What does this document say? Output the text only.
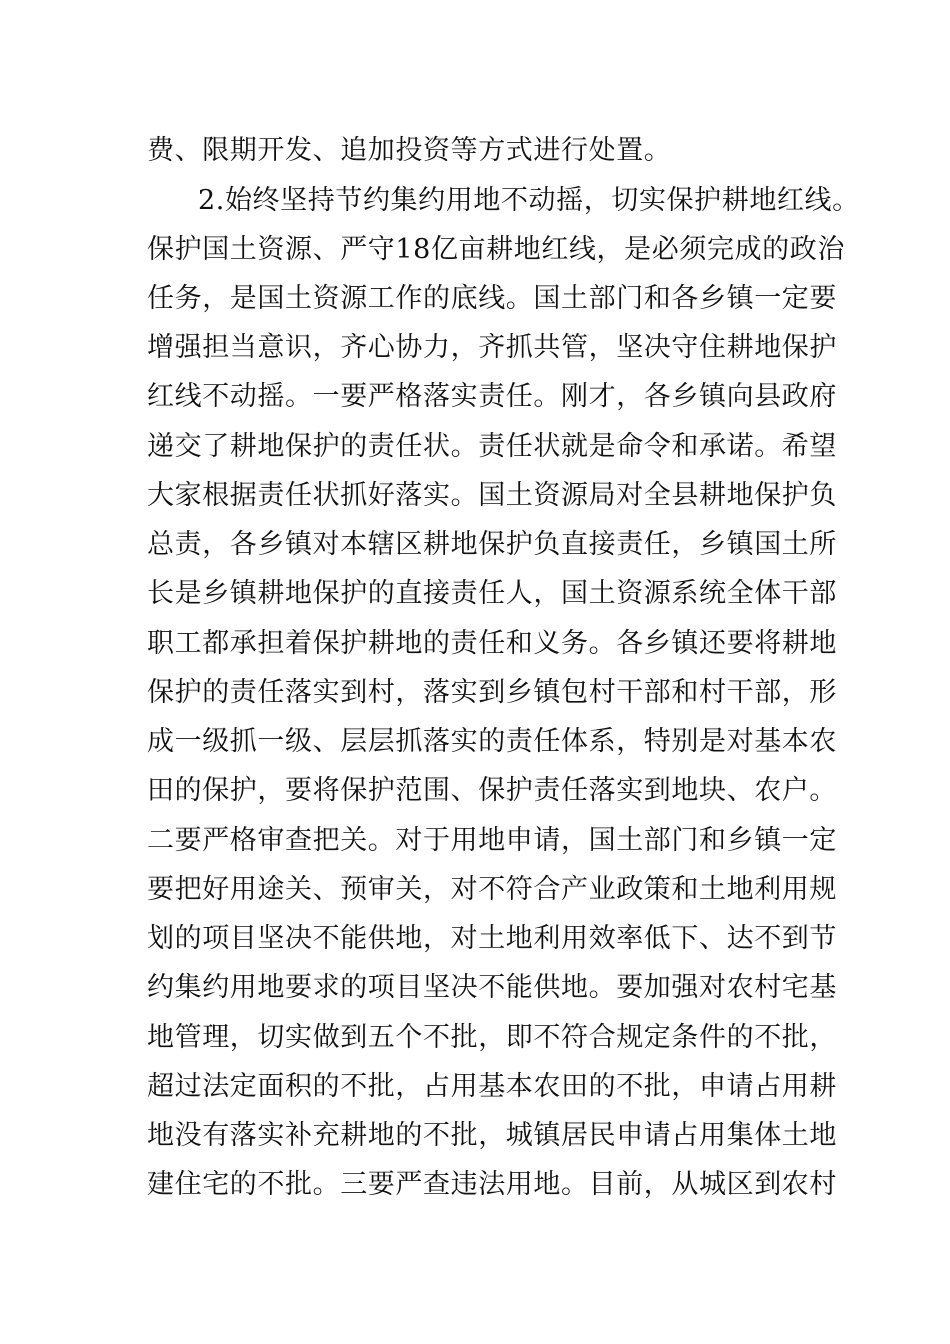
费、限期开发、追加投资等方式进行处置。
2.始终坚持节约集约用地不动摇，切实保护耕地红线。
保护国土资源、严守18亿亩耕地红线，是必须完成的政治
任务，是国土资源工作的底线。国土部门和各乡镇一定要
增强担当意识，齐心协力，齐抓共管，坚决守住耕地保护
红线不动摇。一要严格落实责任。刚才，各乡镇向县政府
递交了耕地保护的责任状。责任状就是命令和承诺。希望
大家根据责任状抓好落实。国土资源局对全县耕地保护负
总责，各乡镇对本辖区耕地保护负直接责任，乡镇国土所
长是乡镇耕地保护的直接责任人，国土资源系统全体干部
职工都承担着保护耕地的责任和义务。各乡镇还要将耕地
保护的责任落实到村，落实到乡镇包村干部和村干部，形
成一级抓一级、层层抓落实的责任体系，特别是对基本农
田的保护，要将保护范围、保护责任落实到地块、农户。
二要严格审查把关。对于用地申请，国土部门和乡镇一定
要把好用途关、预审关，对不符合产业政策和土地利用规
划的项目坚决不能供地，对土地利用效率低下、达不到节
约集约用地要求的项目坚决不能供地。要加强对农村宅基
地管理，切实做到五个不批，即不符合规定条件的不批，
超过法定面积的不批，占用基本农田的不批，申请占用耕
地没有落实补充耕地的不批，城镇居民申请占用集体土地
建住宅的不批。三要严查违法用地。目前，从城区到农村
